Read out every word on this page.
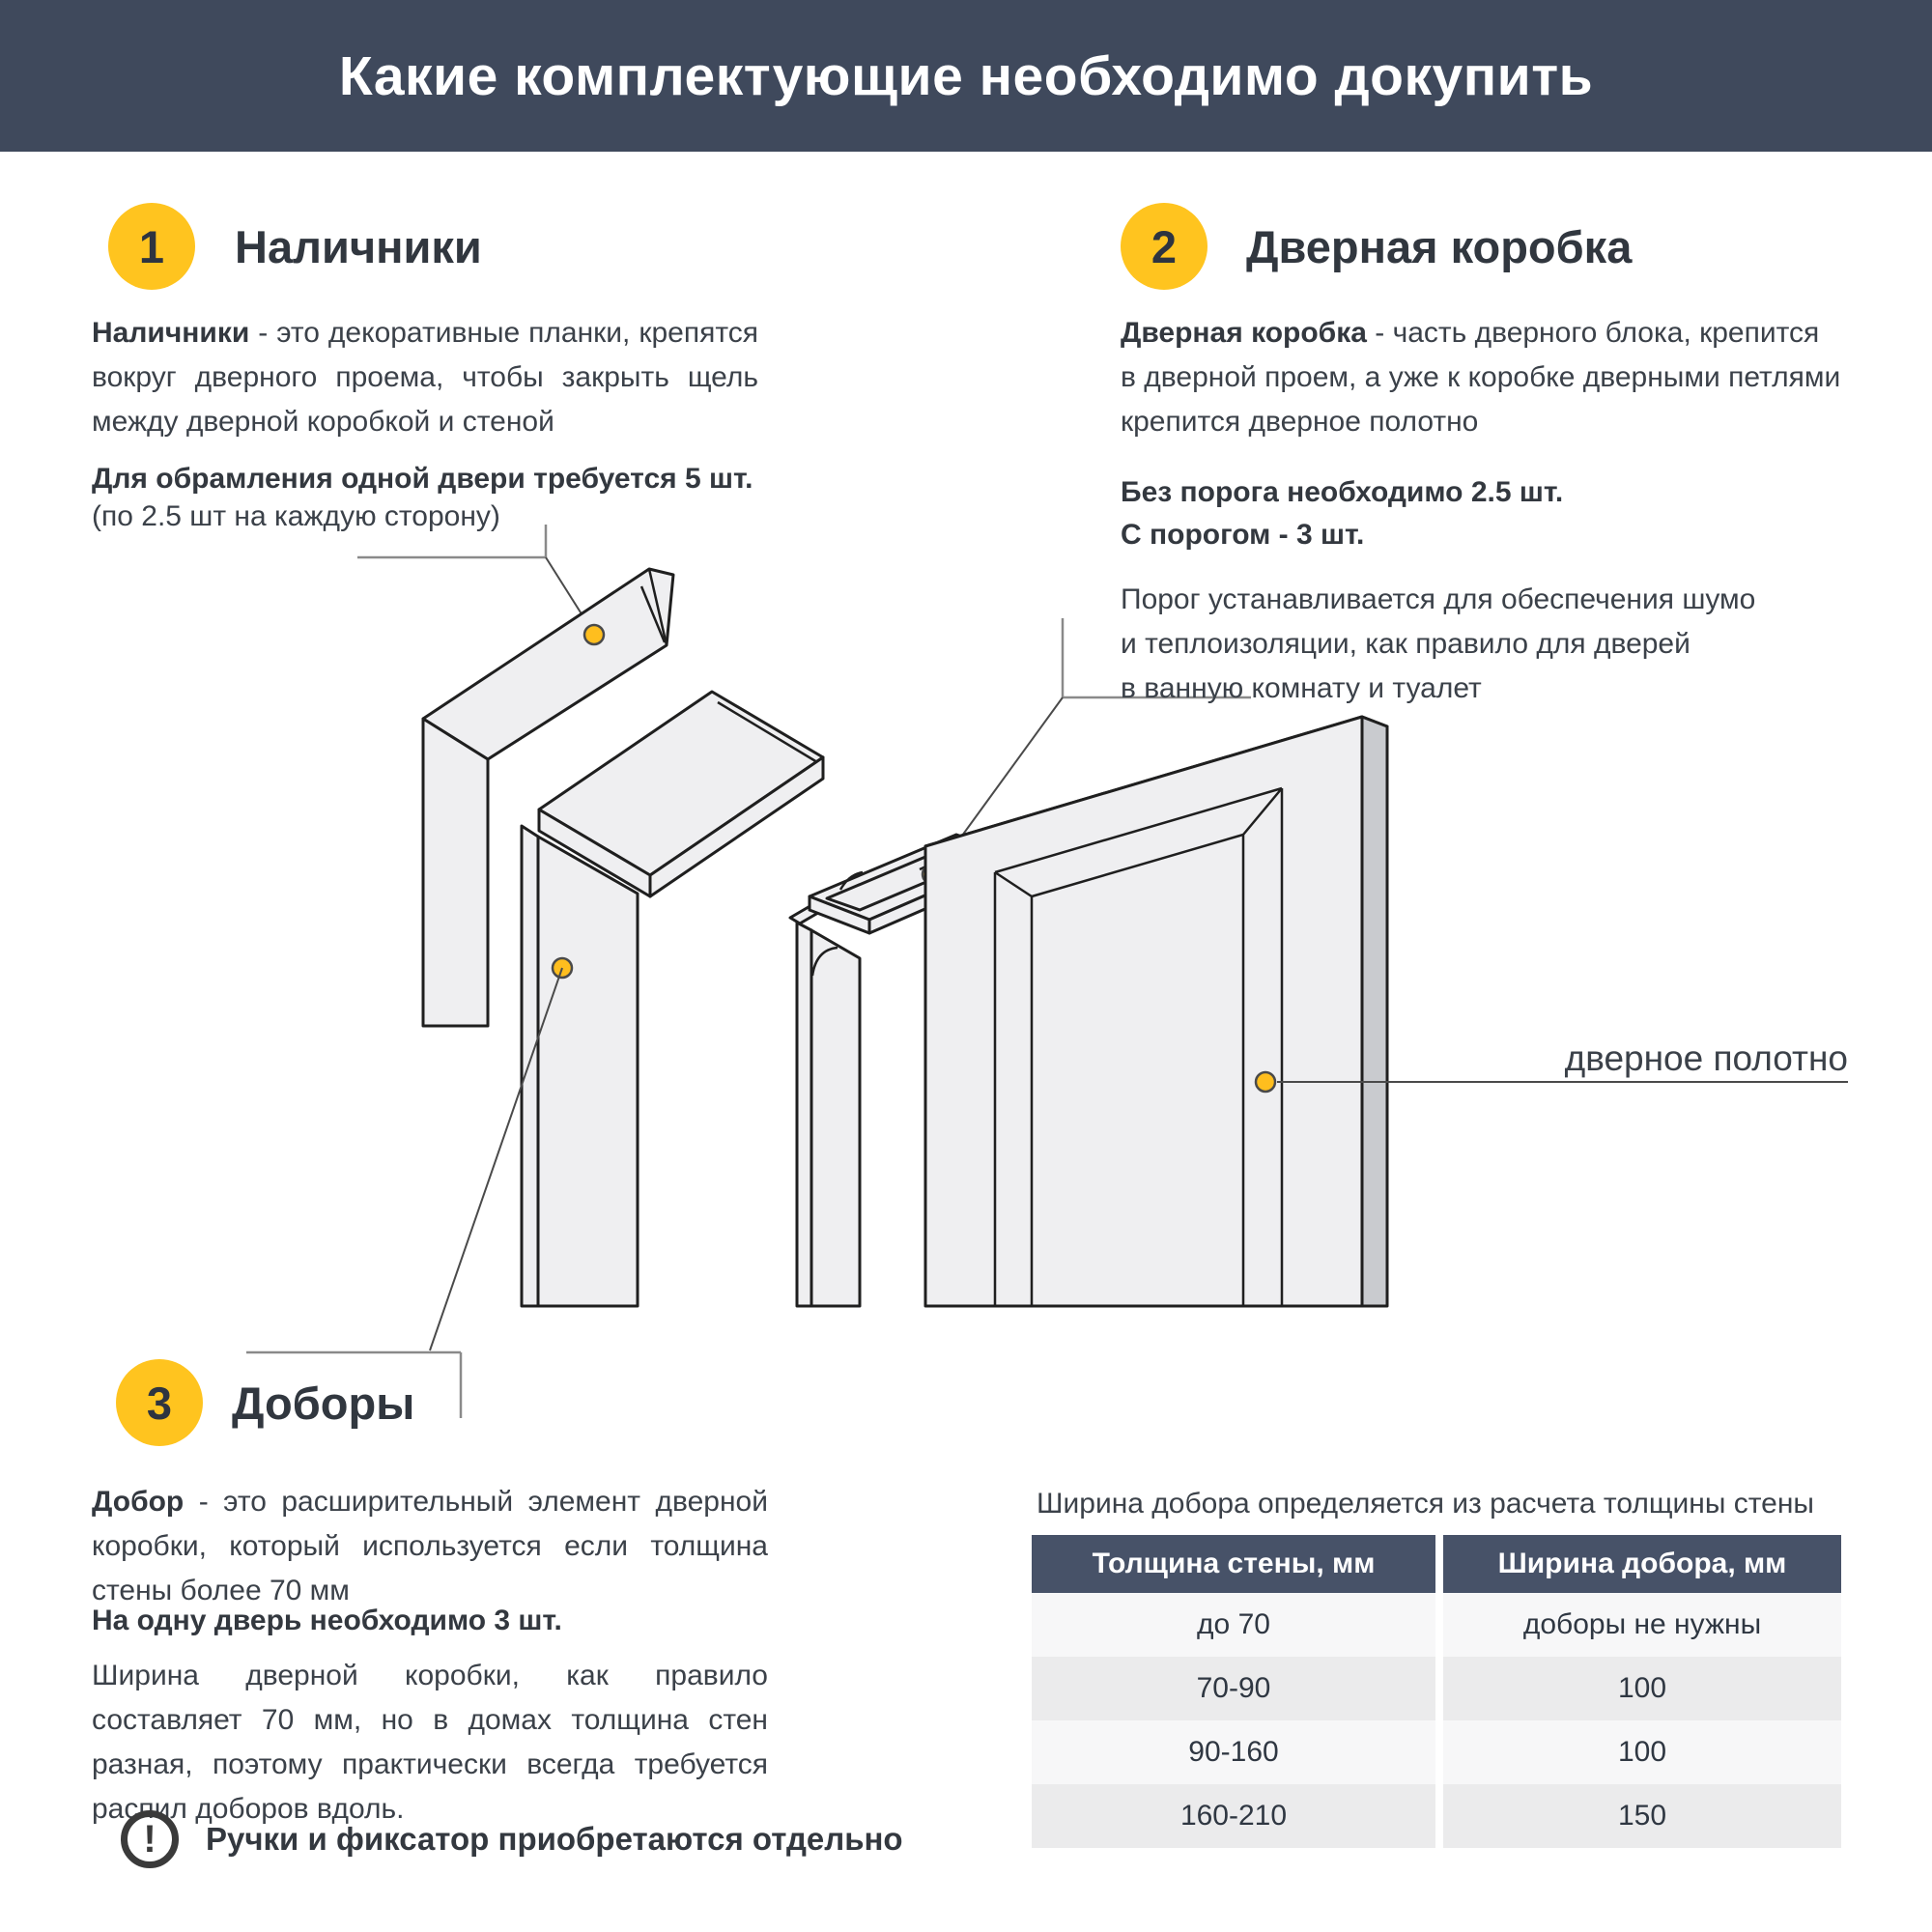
Какие комплектующие необходимо докупить
дверное полотно
1	Наличники
Наличники - это декоративные планки, крепятся вокруг дверного проема, чтобы закрыть щель между дверной коробкой и стеной
Для обрамления одной двери требуется 5 шт.
(по 2.5 шт на каждую сторону)
2	Дверная коробка
Дверная коробка - часть дверного блока, крепится
в дверной проем, а уже к коробке дверными петлями
крепится дверное полотно
Без порога необходимо 2.5 шт.
С порогом - 3 шт.
Порог устанавливается для обеспечения шумо
и теплоизоляции, как правило для дверей
в ванную комнату и туалет
3	Доборы
Добор - это расширительный элемент дверной коробки, который используется если толщина стены более 70 мм
На одну дверь необходимо 3 шт.
Ширина дверной коробки, как правило составляет 70 мм, но в домах толщина стен разная, поэтому практически всегда требуется распил доборов вдоль.
! Ручки и фиксатор приобретаются отдельно
Ширина добора определяется из расчета толщины стены
Толщина стены, мм	Ширина добора, мм
до 70	доборы не нужны
70-90	100
90-160	100
160-210	150
